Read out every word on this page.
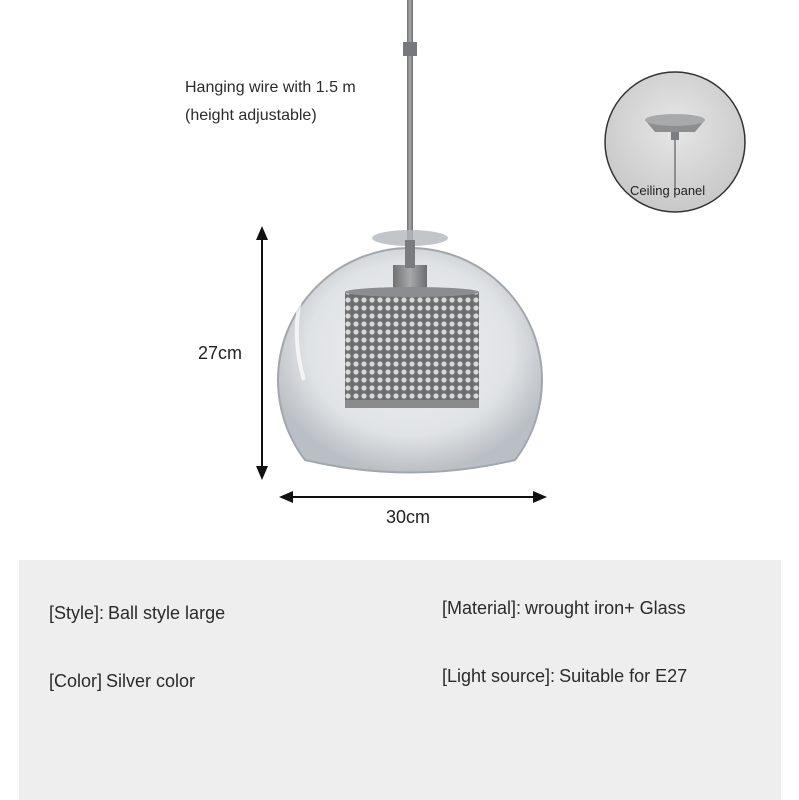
Hanging wire with 1.5 m
(height adjustable)
Ceiling panel
27cm
30cm
[Style]: Ball style large	[Material]: wrought iron+ Glass
[Color] Silver color	[Light source]: Suitable for E27
